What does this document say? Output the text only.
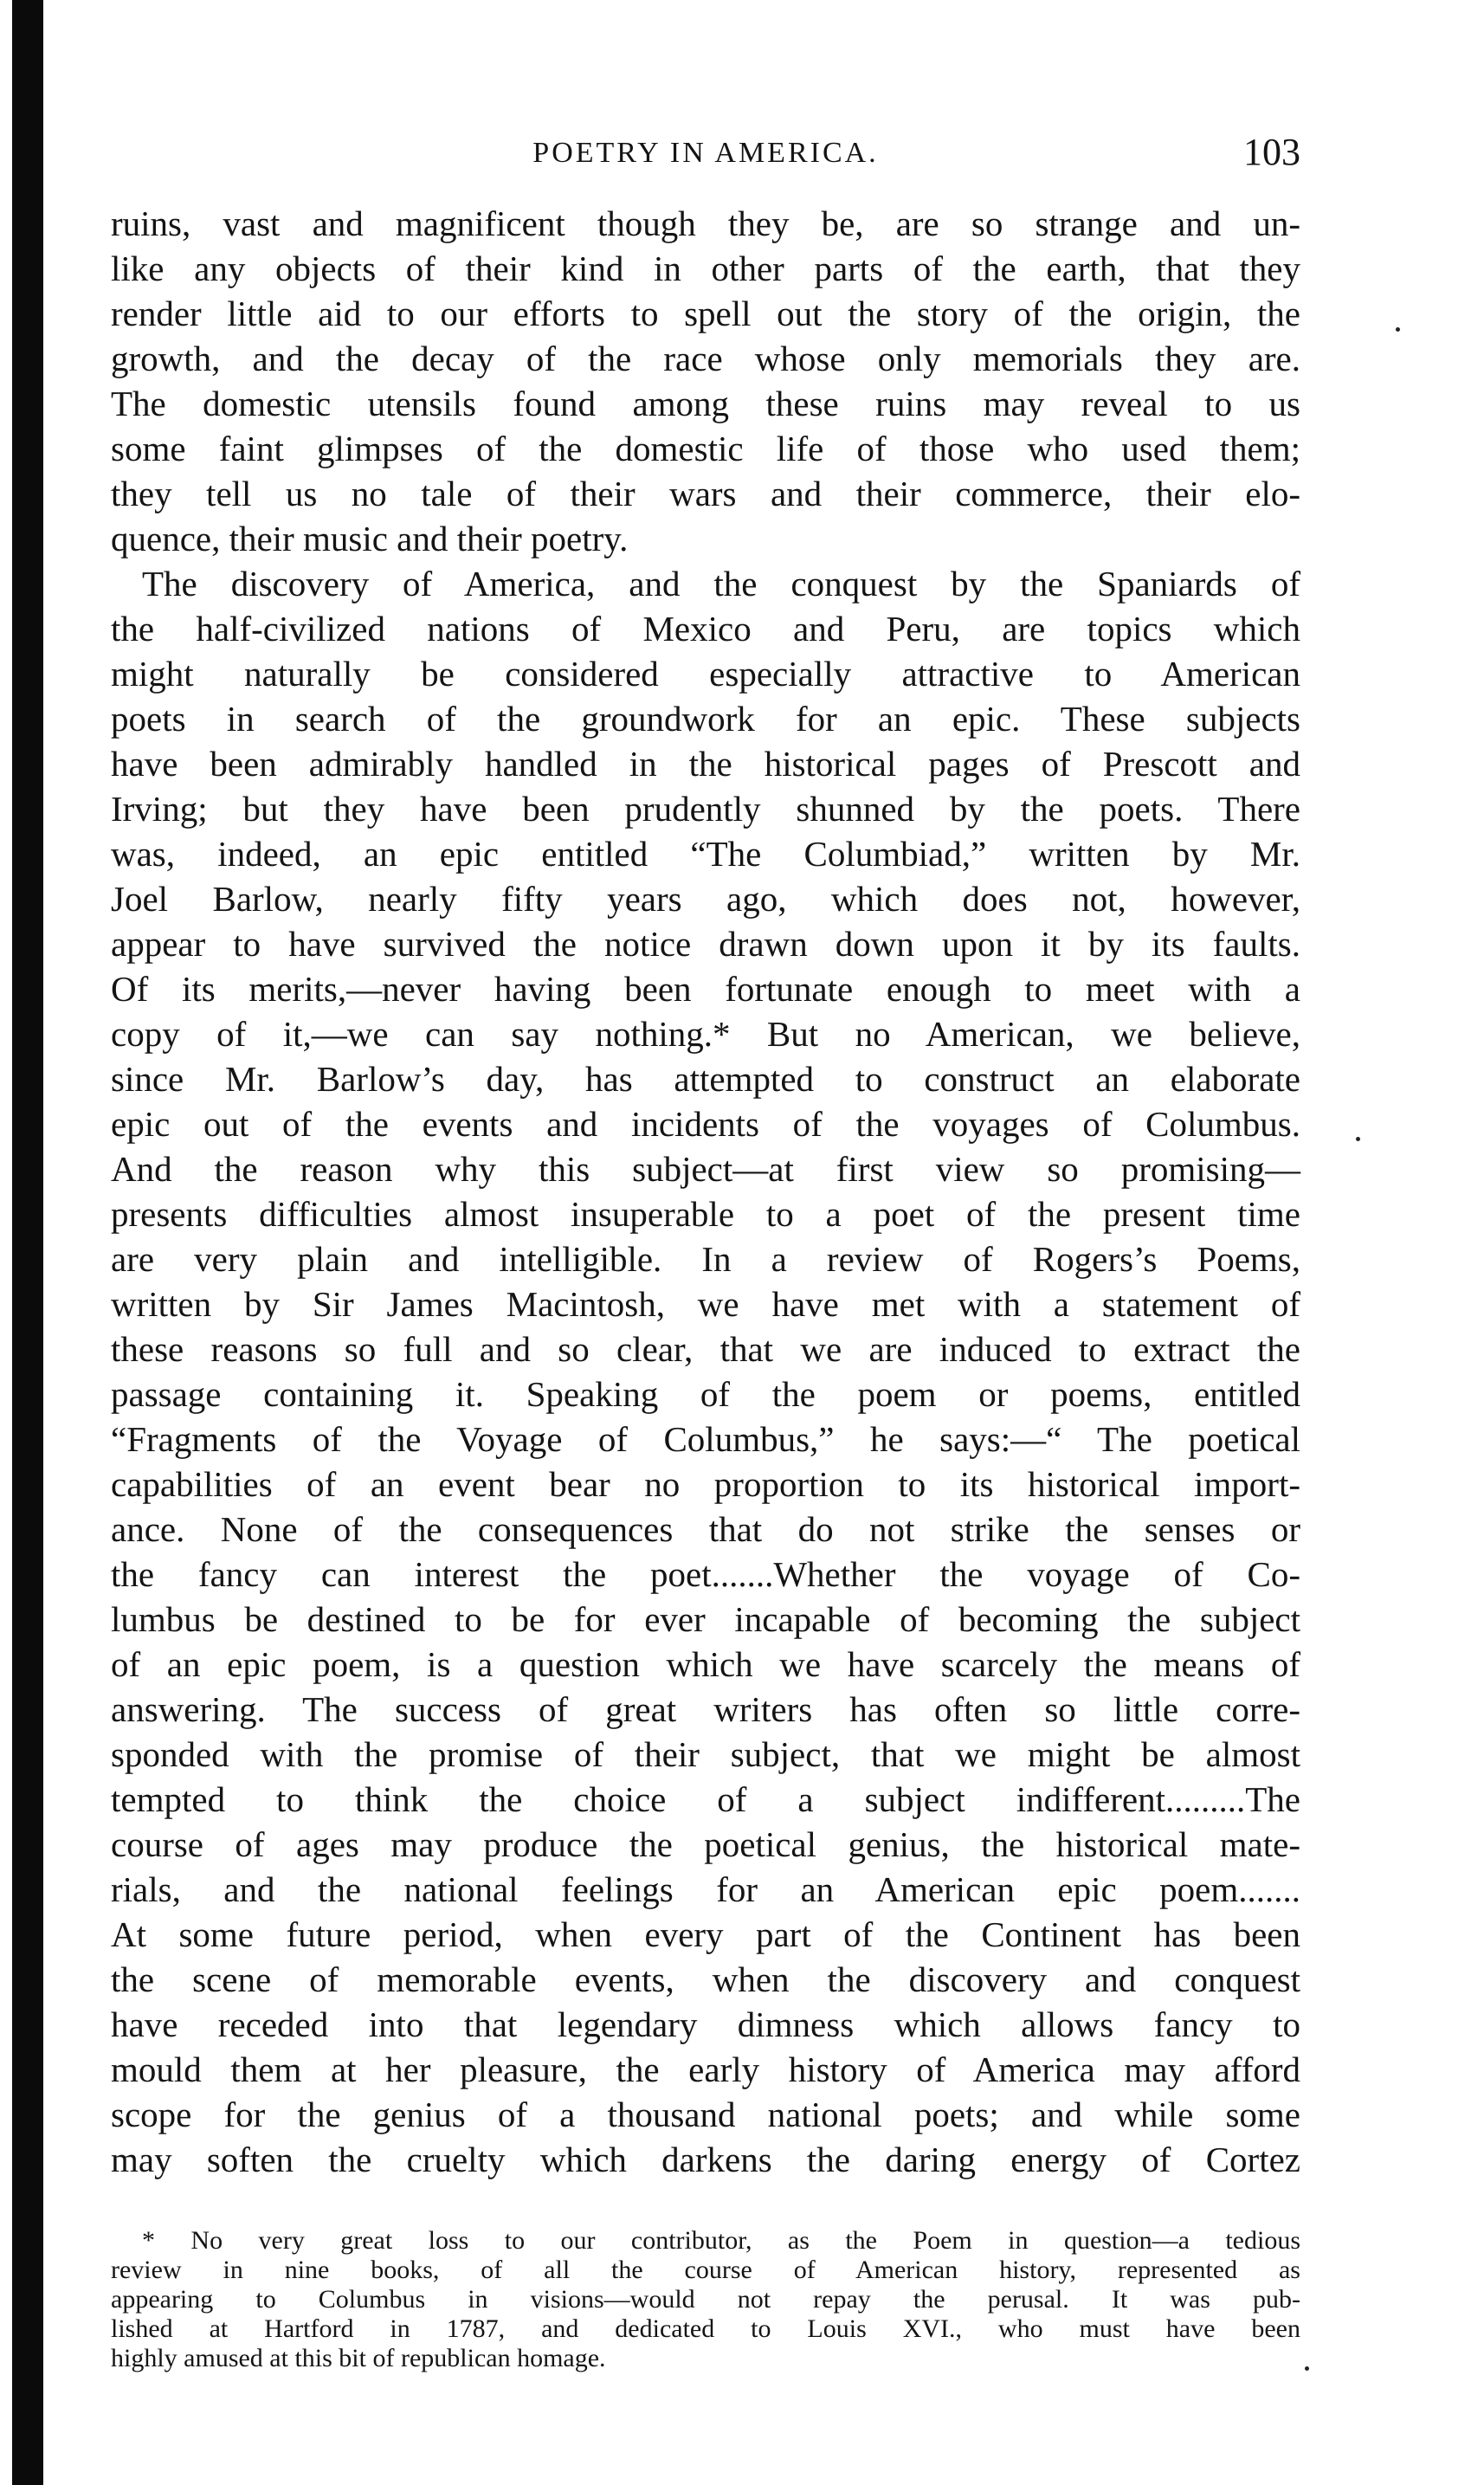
POETRY IN AMERICA.	103
ruins, vast and magnificent though they be, are so strange and un-
like any objects of their kind in other parts of the earth, that they
render little aid to our efforts to spell out the story of the origin, the
growth, and the decay of the race whose only memorials they are.
The domestic utensils found among these ruins may reveal to us
some faint glimpses of the domestic life of those who used them;
they tell us no tale of their wars and their commerce, their elo-
quence, their music and their poetry.
The discovery of America, and the conquest by the Spaniards of
the half-civilized nations of Mexico and Peru, are topics which
might naturally be considered especially attractive to American
poets in search of the groundwork for an epic. These subjects
have been admirably handled in the historical pages of Prescott and
Irving; but they have been prudently shunned by the poets. There
was, indeed, an epic entitled “The Columbiad,” written by Mr.
Joel Barlow, nearly fifty years ago, which does not, however,
appear to have survived the notice drawn down upon it by its faults.
Of its merits,—never having been fortunate enough to meet with a
copy of it,—we can say nothing.* But no American, we believe,
since Mr. Barlow’s day, has attempted to construct an elaborate
epic out of the events and incidents of the voyages of Columbus.
And the reason why this subject—at first view so promising—
presents difficulties almost insuperable to a poet of the present time
are very plain and intelligible. In a review of Rogers’s Poems,
written by Sir James Macintosh, we have met with a statement of
these reasons so full and so clear, that we are induced to extract the
passage containing it. Speaking of the poem or poems, entitled
“Fragments of the Voyage of Columbus,” he says:—“ The poetical
capabilities of an event bear no proportion to its historical import-
ance. None of the consequences that do not strike the senses or
the fancy can interest the poet.......Whether the voyage of Co-
lumbus be destined to be for ever incapable of becoming the subject
of an epic poem, is a question which we have scarcely the means of
answering. The success of great writers has often so little corre-
sponded with the promise of their subject, that we might be almost
tempted to think the choice of a subject indifferent.........The
course of ages may produce the poetical genius, the historical mate-
rials, and the national feelings for an American epic poem.......
At some future period, when every part of the Continent has been
the scene of memorable events, when the discovery and conquest
have receded into that legendary dimness which allows fancy to
mould them at her pleasure, the early history of America may afford
scope for the genius of a thousand national poets; and while some
may soften the cruelty which darkens the daring energy of Cortez
* No very great loss to our contributor, as the Poem in question—a tedious
review in nine books, of all the course of American history, represented as
appearing to Columbus in visions—would not repay the perusal. It was pub-
lished at Hartford in 1787, and dedicated to Louis XVI., who must have been
highly amused at this bit of republican homage.
